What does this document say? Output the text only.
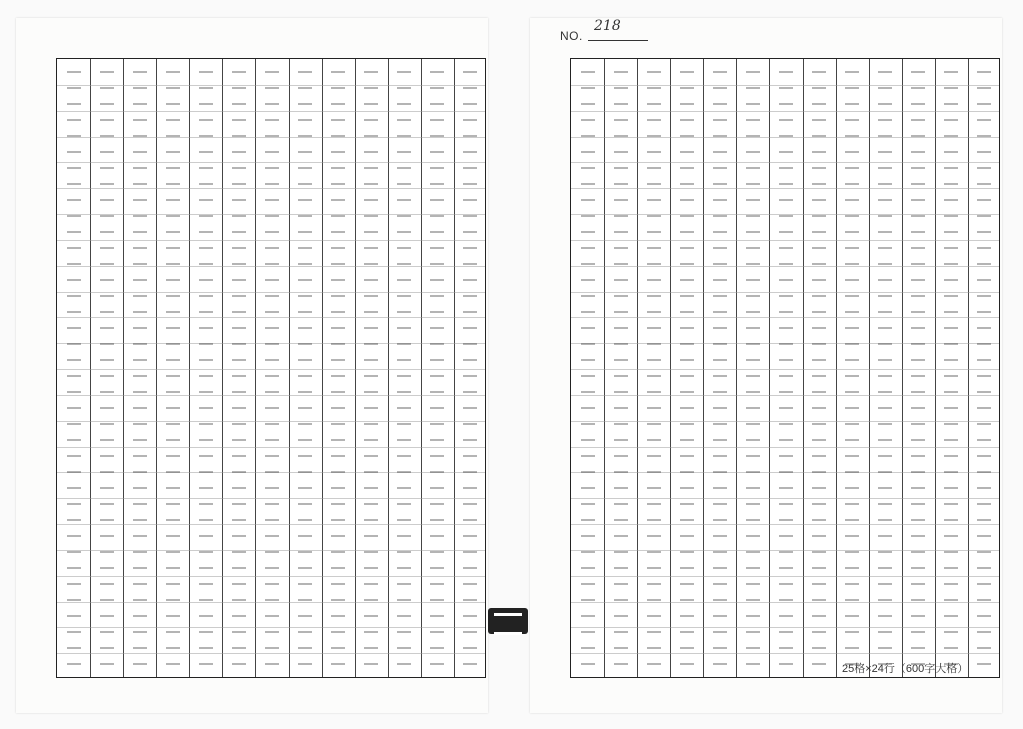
NO.
218
25格×24行（600字大格）
